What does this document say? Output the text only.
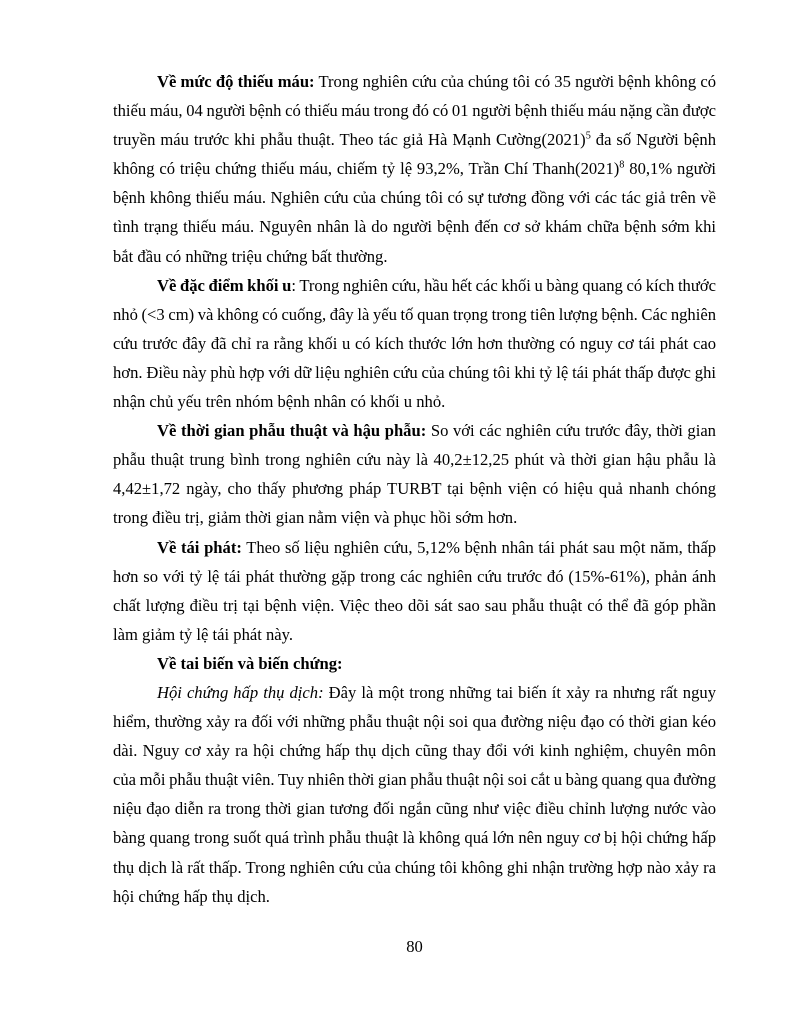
Về mức độ thiếu máu: Trong nghiên cứu của chúng tôi có 35 người bệnh không có
thiếu máu, 04 người bệnh có thiếu máu trong đó có 01 người bệnh thiếu máu nặng cần được
truyền máu trước khi phẫu thuật. Theo tác giả Hà Mạnh $Cường(2021)^5$ đa số Người bệnh
không có triệu chứng thiếu máu, chiếm tỷ lệ 93,2%, Trần Chí $Thanh(2021)^8$ 80,1% người
bệnh không thiếu máu. Nghiên cứu của chúng tôi có sự tương đồng với các tác giả trên về
tình trạng thiếu máu. Nguyên nhân là do người bệnh đến cơ sở khám chữa bệnh sớm khi
bắt đầu có những triệu chứng bất thường.
Về đặc điểm khối u: Trong nghiên cứu, hầu hết các khối u bàng quang có kích thước
nhỏ (<3 cm) và không có cuống, đây là yếu tố quan trọng trong tiên lượng bệnh. Các nghiên
cứu trước đây đã chỉ ra rằng khối u có kích thước lớn hơn thường có nguy cơ tái phát cao
hơn. Điều này phù hợp với dữ liệu nghiên cứu của chúng tôi khi tỷ lệ tái phát thấp được ghi
nhận chủ yếu trên nhóm bệnh nhân có khối u nhỏ.
Về thời gian phẫu thuật và hậu phẫu: So với các nghiên cứu trước đây, thời gian
phẫu thuật trung bình trong nghiên cứu này là 40,2±12,25 phút và thời gian hậu phẫu là
4,42±1,72 ngày, cho thấy phương pháp TURBT tại bệnh viện có hiệu quả nhanh chóng
trong điều trị, giảm thời gian nằm viện và phục hồi sớm hơn.
Về tái phát: Theo số liệu nghiên cứu, 5,12% bệnh nhân tái phát sau một năm, thấp
hơn so với tỷ lệ tái phát thường gặp trong các nghiên cứu trước đó (15%-61%), phản ánh
chất lượng điều trị tại bệnh viện. Việc theo dõi sát sao sau phẫu thuật có thể đã góp phần
làm giảm tỷ lệ tái phát này.
Về tai biến và biến chứng:
Hội chứng hấp thụ dịch: Đây là một trong những tai biến ít xảy ra nhưng rất nguy
hiểm, thường xảy ra đối với những phẫu thuật nội soi qua đường niệu đạo có thời gian kéo
dài. Nguy cơ xảy ra hội chứng hấp thụ dịch cũng thay đổi với kinh nghiệm, chuyên môn
của mỗi phẫu thuật viên. Tuy nhiên thời gian phẫu thuật nội soi cắt u bàng quang qua đường
niệu đạo diễn ra trong thời gian tương đối ngắn cũng như việc điều chỉnh lượng nước vào
bàng quang trong suốt quá trình phẫu thuật là không quá lớn nên nguy cơ bị hội chứng hấp
thụ dịch là rất thấp. Trong nghiên cứu của chúng tôi không ghi nhận trường hợp nào xảy ra
hội chứng hấp thụ dịch.
80
